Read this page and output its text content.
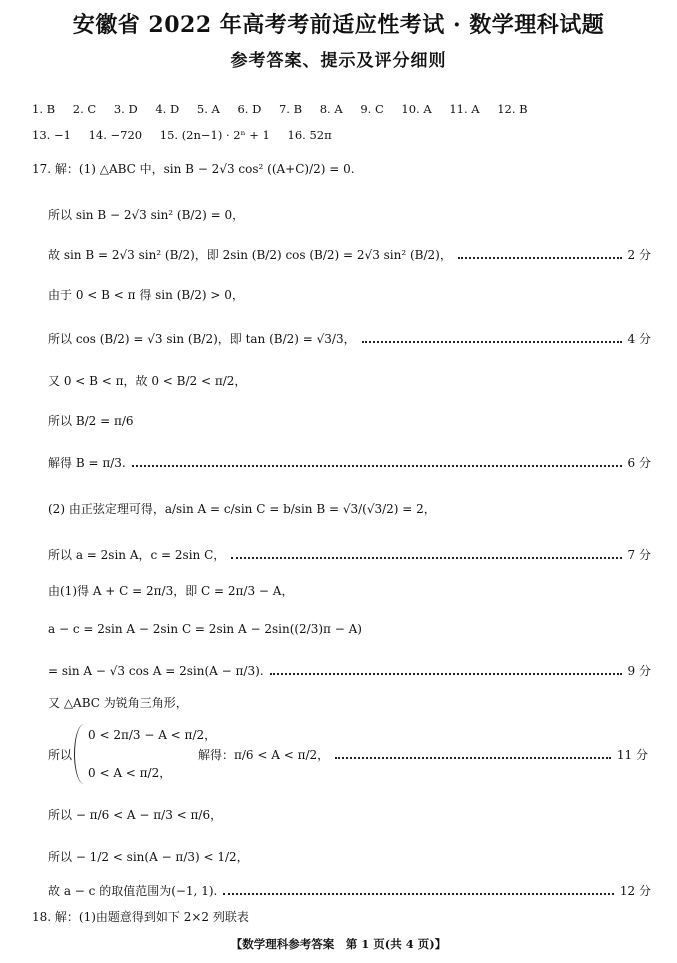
安徽省 2022 年高考考前适应性考试 · 数学理科试题
参考答案、提示及评分细则
1. B 2. C 3. D 4. D 5. A 6. D 7. B 8. A 9. C 10. A 11. A 12. B
13. −1 14. −720 15. (2n−1) · 2ⁿ + 1 16. 52π
17. 解：(1) △ABC 中，sin B − 2√3 cos² ((A+C)/2) = 0.
所以 sin B − 2√3 sin² (B/2) = 0，
故 sin B = 2√3 sin² (B/2)，即 2sin (B/2) cos (B/2) = 2√3 sin² (B/2)，	2 分
由于 0 < B < π 得 sin (B/2) > 0，
所以 cos (B/2) = √3 sin (B/2)，即 tan (B/2) = √3/3，	4 分
又 0 < B < π，故 0 < B/2 < π/2，
所以 B/2 = π/6
解得 B = π/3.	6 分
(2) 由正弦定理可得，a/sin A = c/sin C = b/sin B = √3/(√3/2) = 2，
所以 a = 2sin A，c = 2sin C，	7 分
由(1)得 A + C = 2π/3，即 C = 2π/3 − A，
a − c = 2sin A − 2sin C = 2sin A − 2sin((2/3)π − A)
= sin A − √3 cos A = 2sin(A − π/3).	9 分
又 △ABC 为锐角三角形，
所以
0 < 2π/3 − A < π/2，
0 < A < π/2，
解得：π/6 < A < π/2，	11 分
所以 − π/6 < A − π/3 < π/6，
所以 − 1/2 < sin(A − π/3) < 1/2，
故 a − c 的取值范围为(−1, 1).	12 分
18. 解：(1)由题意得到如下 2×2 列联表
【数学理科参考答案　第 1 页(共 4 页)】
